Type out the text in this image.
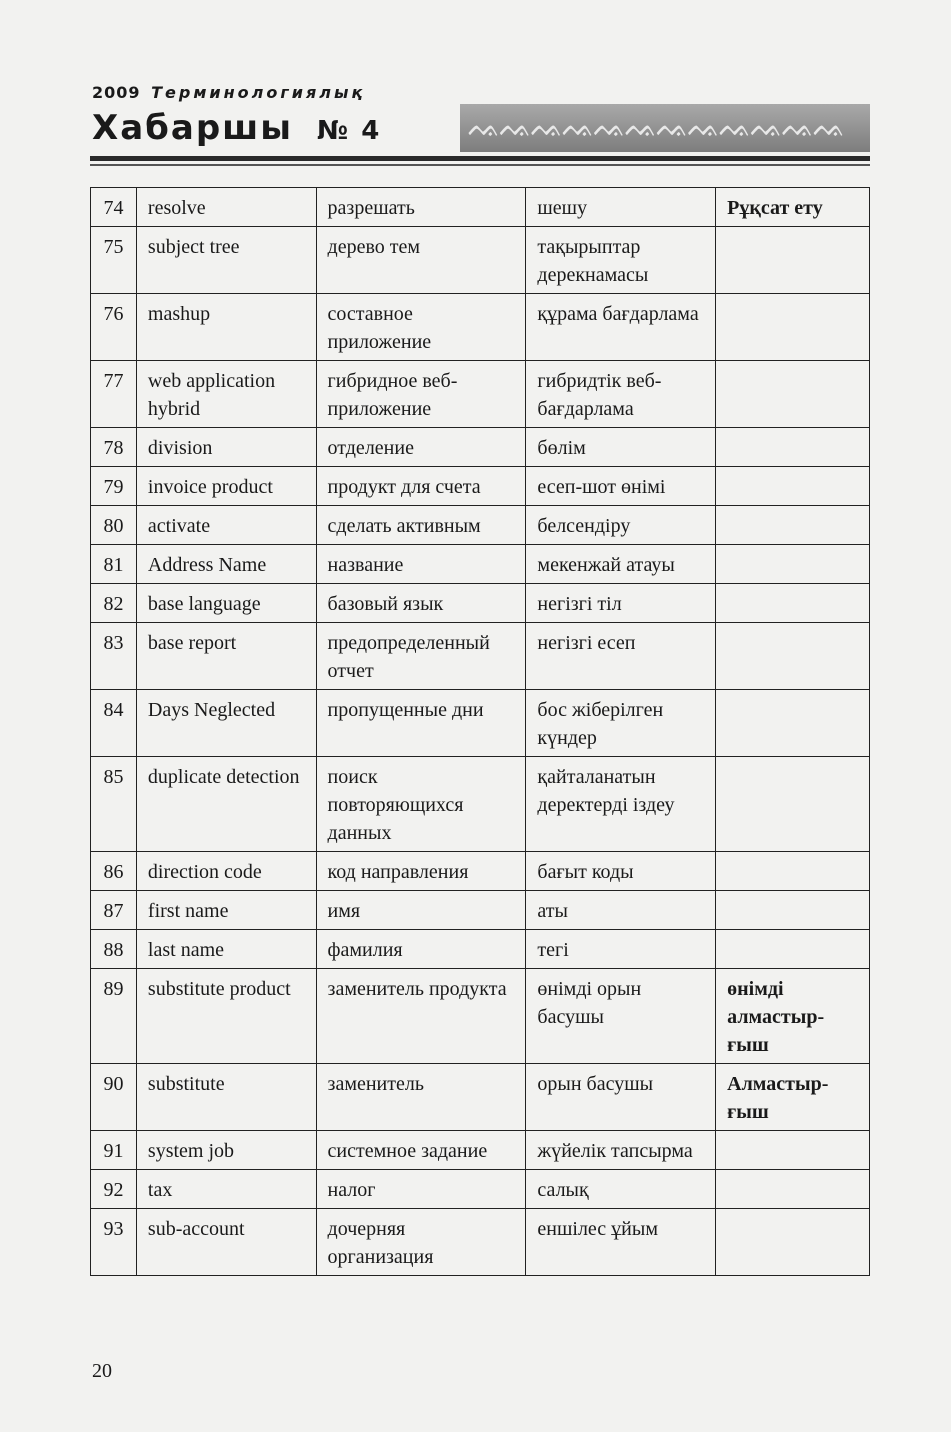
2009 Терминологиялық
Хабаршы № 4	ᨕᨕᨕᨕᨕᨕᨕᨕᨕᨕᨕᨕ
74	resolve	разрешать	шешу	Рұқсат ету
75	subject tree	дерево тем	тақырыптар дерекнамасы	
76	mashup	составное приложение	құрама бағдарлама	
77	web application hybrid	гибридное веб-приложение	гибридтік веб-бағдарлама	
78	division	отделение	бөлім	
79	invoice product	продукт для счета	есеп-шот өнімі	
80	activate	сделать активным	белсендіру	
81	Address Name	название	мекенжай атауы	
82	base language	базовый язык	негізгі тіл	
83	base report	предопределенный отчет	негізгі есеп	
84	Days Neglected	пропущенные дни	бос жіберілген күндер	
85	duplicate detection	поиск повторяющихся данных	қайталанатын деректерді іздеу	
86	direction code	код направления	бағыт коды	
87	first name	имя	аты	
88	last name	фамилия	тегі	
89	substitute product	заменитель продукта	өнімді орын басушы	өнімді алмастыр-ғыш
90	substitute	заменитель	орын басушы	Алмастыр-ғыш
91	system job	системное задание	жүйелік тапсырма	
92	tax	налог	салық	
93	sub-account	дочерняя организация	еншілес ұйым	
20
